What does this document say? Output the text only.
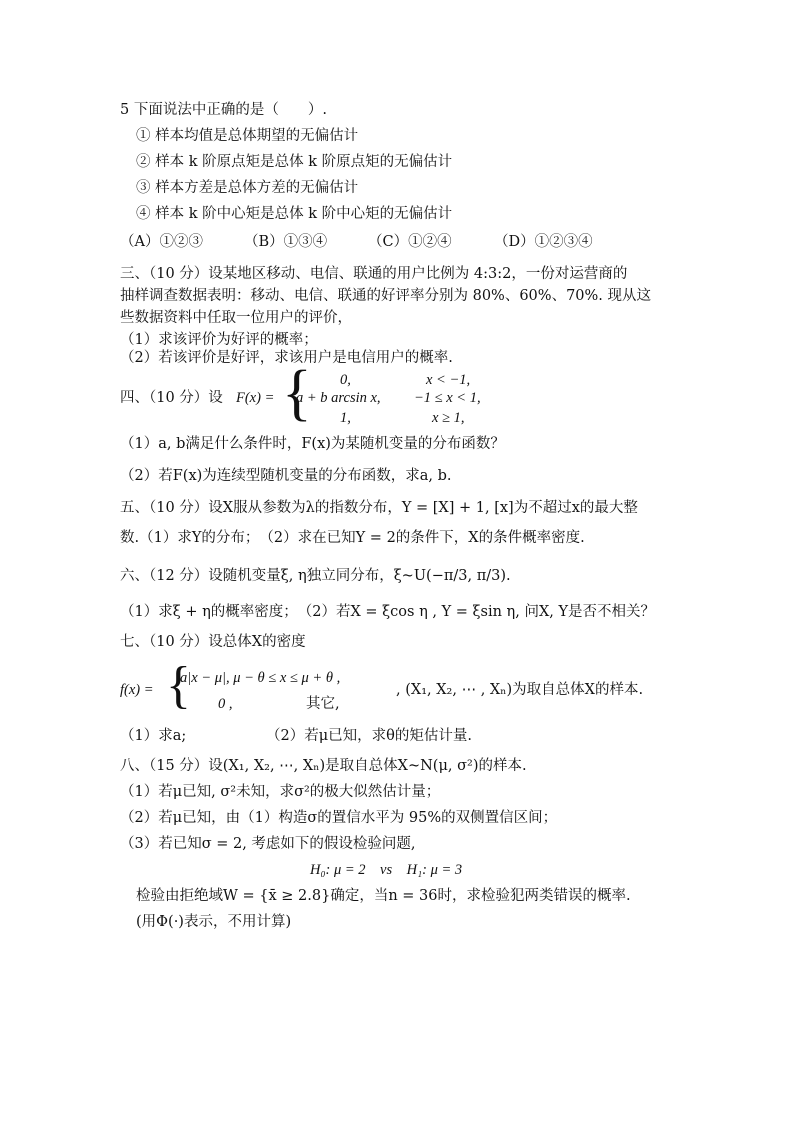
5 下面说法中正确的是（　　）.
① 样本均值是总体期望的无偏估计
② 样本 k 阶原点矩是总体 k 阶原点矩的无偏估计
③ 样本方差是总体方差的无偏估计
④ 样本 k 阶中心矩是总体 k 阶中心矩的无偏估计
（A）①②③	（B）①③④	（C）①②④	（D）①②③④
三、（10 分）设某地区移动、电信、联通的用户比例为 4:3:2，一份对运营商的
抽样调查数据表明：移动、电信、联通的好评率分别为 80%、60%、70%. 现从这
些数据资料中任取一位用户的评价，
（1）求该评价为好评的概率；
（2）若该评价是好评，求该用户是电信用户的概率.
四、（10 分）设 F(x) = { 0,
a + b arcsin x,
1,
x < −1,
−1 ≤ x < 1,
x ≥ 1,
（1）a, b满足什么条件时，F(x)为某随机变量的分布函数？
（2）若F(x)为连续型随机变量的分布函数，求a, b.
五、（10 分）设X服从参数为λ的指数分布，Y = [X] + 1, [x]为不超过x的最大整
数.（1）求Y的分布；　（2）求在已知Y = 2的条件下，X的条件概率密度.
六、（12 分）设随机变量ξ, η独立同分布，ξ~U(−π/3, π/3).
（1）求ξ + η的概率密度；　（2）若X = ξcos η , Y = ξsin η, 问X, Y是否不相关？
七、（10 分）设总体X的密度
f(x) = {
a|x − μ|, μ − θ ≤ x ≤ μ + θ ,
0 ,	其它,
, (X₁, X₂, ⋯ , Xₙ)为取自总体X的样本.
（1）求a;　　　　　　（2）若μ已知，求θ的矩估计量.
八、（15 分）设(X₁, X₂, ⋯, Xₙ)是取自总体X~N(μ, σ²)的样本.
（1）若μ已知, σ²未知，求σ²的极大似然估计量；
（2）若μ已知，由（1）构造σ的置信水平为 95%的双侧置信区间；
（3）若已知σ = 2, 考虑如下的假设检验问题,
H₀: μ = 2　vs　H₁: μ = 3
检验由拒绝域W = {x̄ ≥ 2.8}确定，当n = 36时，求检验犯两类错误的概率.
(用Φ(·)表示，不用计算)
